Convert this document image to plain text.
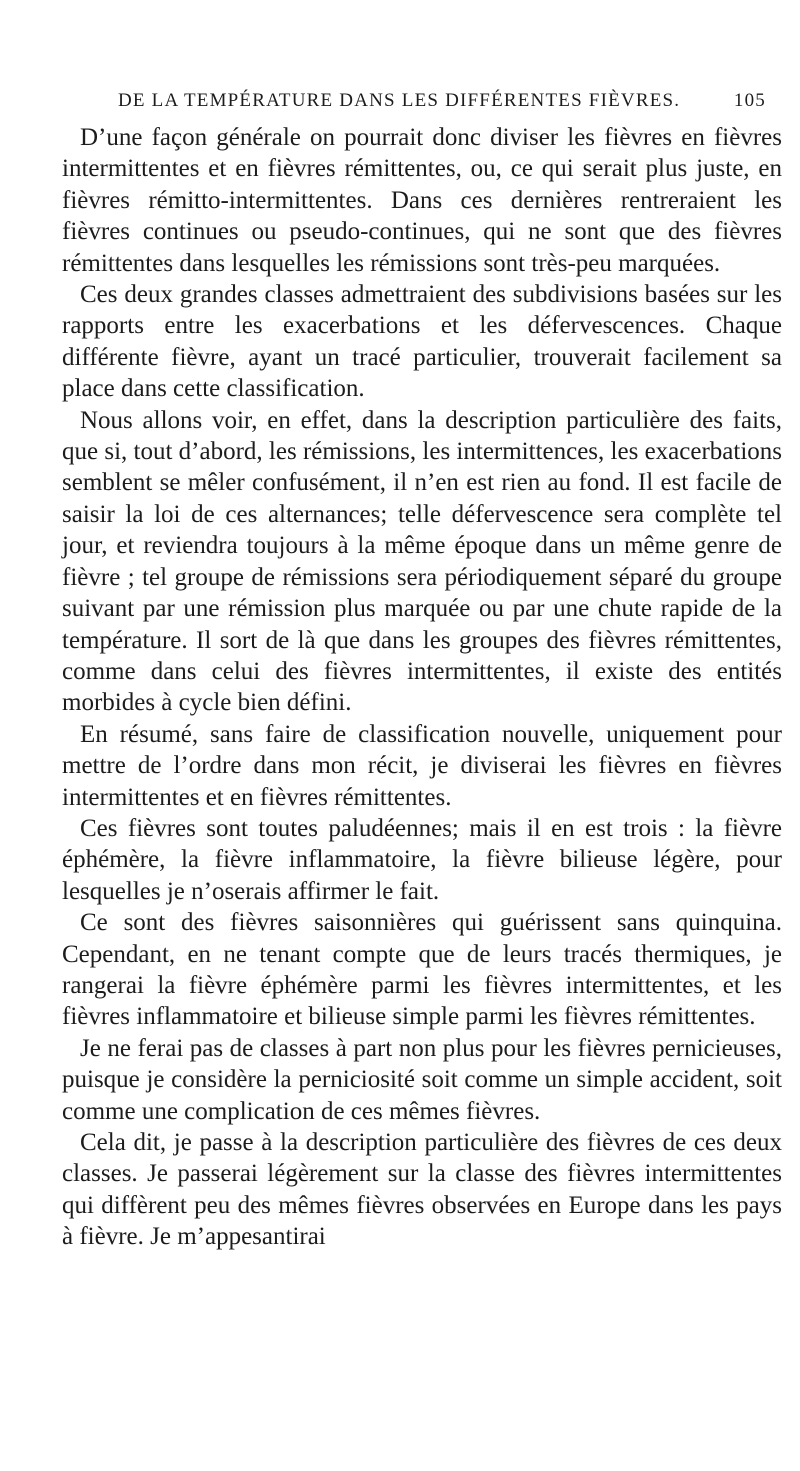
DE LA TEMPÉRATURE DANS LES DIFFÉRENTES FIÈVRES.	105

D’une façon générale on pourrait donc diviser les fièvres en fièvres intermittentes et en fièvres rémittentes, ou, ce qui serait plus juste, en fièvres rémitto-intermittentes. Dans ces dernières rentreraient les fièvres continues ou pseudo-continues, qui ne sont que des fièvres rémittentes dans lesquelles les rémissions sont très-peu marquées.

Ces deux grandes classes admettraient des subdivisions basées sur les rapports entre les exacerbations et les défervescences. Chaque différente fièvre, ayant un tracé particulier, trouverait facilement sa place dans cette classification.

Nous allons voir, en effet, dans la description particulière des faits, que si, tout d’abord, les rémissions, les intermittences, les exacerbations semblent se mêler confusément, il n’en est rien au fond. Il est facile de saisir la loi de ces alternances; telle défervescence sera complète tel jour, et reviendra toujours à la même époque dans un même genre de fièvre ; tel groupe de rémissions sera périodiquement séparé du groupe suivant par une rémission plus marquée ou par une chute rapide de la température. Il sort de là que dans les groupes des fièvres rémittentes, comme dans celui des fièvres intermittentes, il existe des entités morbides à cycle bien défini.

En résumé, sans faire de classification nouvelle, uniquement pour mettre de l’ordre dans mon récit, je diviserai les fièvres en fièvres intermittentes et en fièvres rémittentes.

Ces fièvres sont toutes paludéennes; mais il en est trois : la fièvre éphémère, la fièvre inflammatoire, la fièvre bilieuse légère, pour lesquelles je n’oserais affirmer le fait.

Ce sont des fièvres saisonnières qui guérissent sans quinquina. Cependant, en ne tenant compte que de leurs tracés thermiques, je rangerai la fièvre éphémère parmi les fièvres intermittentes, et les fièvres inflammatoire et bilieuse simple parmi les fièvres rémittentes.

Je ne ferai pas de classes à part non plus pour les fièvres pernicieuses, puisque je considère la perniciosité soit comme un simple accident, soit comme une complication de ces mêmes fièvres.

Cela dit, je passe à la description particulière des fièvres de ces deux classes. Je passerai légèrement sur la classe des fièvres intermittentes qui diffèrent peu des mêmes fièvres observées en Europe dans les pays à fièvre. Je m’appesantirai
